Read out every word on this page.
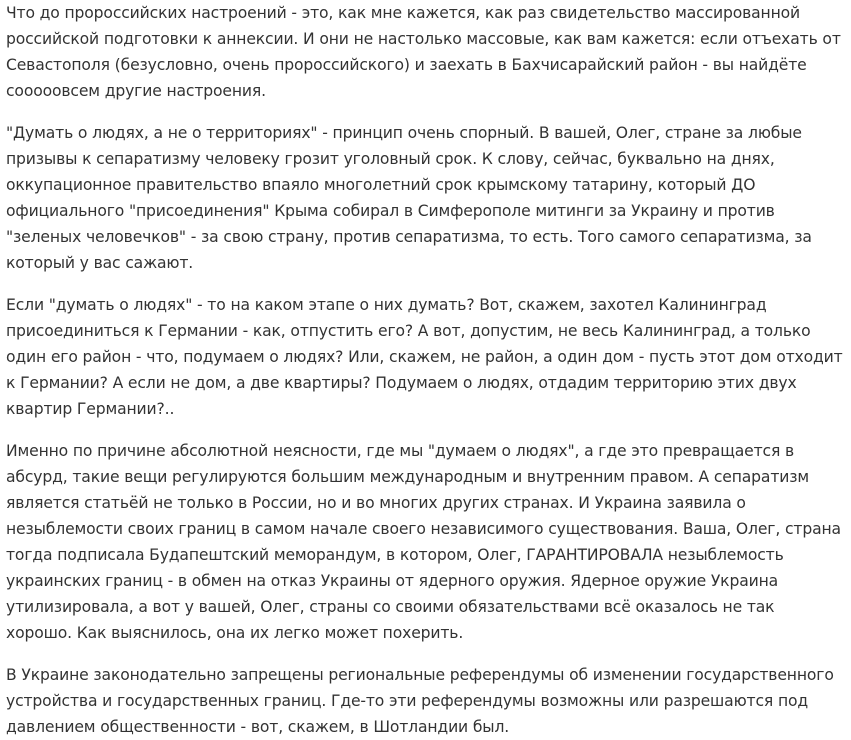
Что до пророссийских настроений - это, как мне кажется, как раз свидетельство массированной российской подготовки к аннексии. И они не настолько массовые, как вам кажется: если отъехать от Севастополя (безусловно, очень пророссийского) и заехать в Бахчисарайский район - вы найдёте сооооовсем другие настроения.

"Думать о людях, а не о территориях" - принцип очень спорный. В вашей, Олег, стране за любые призывы к сепаратизму человеку грозит уголовный срок. К слову, сейчас, буквально на днях, оккупационное правительство впаяло многолетний срок крымскому татарину, который ДО официального "присоединения" Крыма собирал в Симферополе митинги за Украину и против "зеленых человечков" - за свою страну, против сепаратизма, то есть. Того самого сепаратизма, за который у вас сажают.

Если "думать о людях" - то на каком этапе о них думать? Вот, скажем, захотел Калининград присоединиться к Германии - как, отпустить его? А вот, допустим, не весь Калининград, а только один его район - что, подумаем о людях? Или, скажем, не район, а один дом - пусть этот дом отходит к Германии? А если не дом, а две квартиры? Подумаем о людях, отдадим территорию этих двух квартир Германии?..

Именно по причине абсолютной неясности, где мы "думаем о людях", а где это превращается в абсурд, такие вещи регулируются большим международным и внутренним правом. А сепаратизм является статьёй не только в России, но и во многих других странах. И Украина заявила о незыблемости своих границ в самом начале своего независимого существования. Ваша, Олег, страна тогда подписала Будапештский меморандум, в котором, Олег, ГАРАНТИРОВАЛА незыблемость украинских границ - в обмен на отказ Украины от ядерного оружия. Ядерное оружие Украина утилизировала, а вот у вашей, Олег, страны со своими обязательствами всё оказалось не так хорошо. Как выяснилось, она их легко может похерить.

В Украине законодательно запрещены региональные референдумы об изменении государственного устройства и государственных границ. Где-то эти референдумы возможны или разрешаются под давлением общественности - вот, скажем, в Шотландии был.
